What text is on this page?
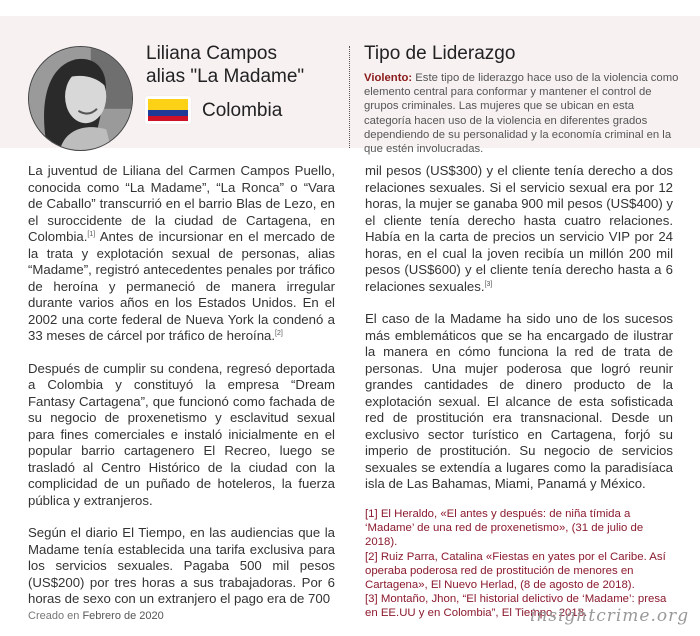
Liliana Campos
alias "La Madame"
Colombia
Tipo de Liderazgo
Violento: Este tipo de liderazgo hace uso de la violencia como elemento central para conformar y mantener el control de grupos criminales. Las mujeres que se ubican en esta categoría hacen uso de la violencia en diferentes grados dependiendo de su personalidad y la economía criminal en la que estén involucradas.

La juventud de Liliana del Carmen Campos Puello, conocida como “La Madame”, “La Ronca” o “Vara de Caballo” transcurrió en el barrio Blas de Lezo, en el suroccidente de la ciudad de Cartagena, en Colombia.[1] Antes de incursionar en el mercado de la trata y explotación sexual de personas, alias “Madame”, registró antecedentes penales por tráfico de heroína y permaneció de manera irregular durante varios años en los Estados Unidos. En el 2002 una corte federal de Nueva York la condenó a 33 meses de cárcel por tráfico de heroína.[2]

Después de cumplir su condena, regresó deportada a Colombia y constituyó la empresa “Dream Fantasy Cartagena”, que funcionó como fachada de su negocio de proxenetismo y esclavitud sexual para fines comerciales e instaló inicialmente en el popular barrio cartagenero El Recreo, luego se trasladó al Centro Histórico de la ciudad con la complicidad de un puñado de hoteleros, la fuerza pública y extranjeros.

Según el diario El Tiempo, en las audiencias que la Madame tenía establecida una tarifa exclusiva para los servicios sexuales. Pagaba 500 mil pesos (US$200) por tres horas a sus trabajadoras. Por 6 horas de sexo con un extranjero el pago era de 700

mil pesos (US$300) y el cliente tenía derecho a dos relaciones sexuales. Si el servicio sexual era por 12 horas, la mujer se ganaba 900 mil pesos (US$400) y el cliente tenía derecho hasta cuatro relaciones. Había en la carta de precios un servicio VIP por 24 horas, en el cual la joven recibía un millón 200 mil pesos (US$600) y el cliente tenía derecho hasta a 6 relaciones sexuales.[3]

El caso de la Madame ha sido uno de los sucesos más emblemáticos que se ha encargado de ilustrar la manera en cómo funciona la red de trata de personas. Una mujer poderosa que logró reunir grandes cantidades de dinero producto de la explotación sexual. El alcance de esta sofisticada red de prostitución era transnacional. Desde un exclusivo sector turístico en Cartagena, forjó su imperio de prostitución. Su negocio de servicios sexuales se extendía a lugares como la paradisíaca isla de Las Bahamas, Miami, Panamá y México.

[1] El Heraldo, «El antes y después: de niña tímida a ‘Madame’ de una red de proxenetismo», (31 de julio de 2018).
[2] Ruiz Parra, Catalina «Fiestas en yates por el Caribe. Así operaba poderosa red de prostitución de menores en Cartagena», El Nuevo Herlad, (8 de agosto de 2018).
[3] Montaño, Jhon, “El historial delictivo de ‘Madame’: presa en EE.UU y en Colombia”, El Tiempo, 2018.
Creado en Febrero de 2020	insightcrime.org
